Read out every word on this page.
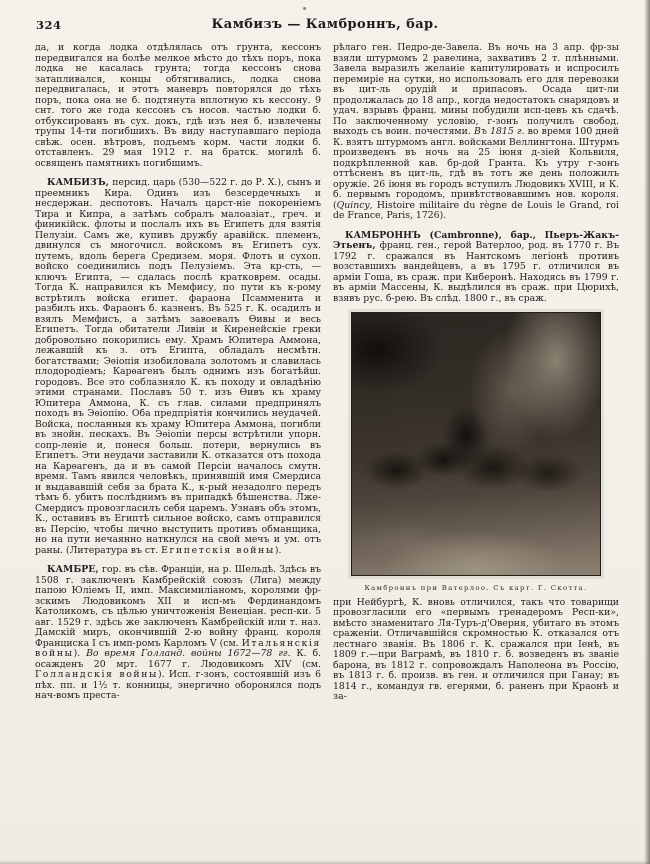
324	Камбизъ — Камброннъ, бар.

да, и когда лодка отдѣлялась отъ грунта, кессонъ передвигался на болѣе мелкое мѣсто до тѣхъ поръ, пока лодка не касалась грунта; тогда кессонъ снова затапливался, концы обтягивались, лодка снова передвигалась, и этотъ маневръ повторялся до тѣхъ поръ, пока она не б. подтянута вплотную къ кессону. 9 снт. того же года кессонъ съ носов. частью лодки б. отбуксированъ въ сух. докъ, гдѣ изъ нея б. извлечены трупы 14-ти погибшихъ. Въ виду наступавшаго періода свѣж. осен. вѣтровъ, подъемъ корм. части лодки б. отставленъ. 29 мая 1912 г. на братск. могилѣ б. освященъ памятникъ погибшимъ.

КАМБИЗЪ, персид. царь (530—522 г. до Р. Х.), сынъ и преемникъ Кира. Одинъ изъ безсердечныхъ и несдержан. деспотовъ. Началъ царст-ніе покореніемъ Тира и Кипра, а затѣмъ собралъ малоазіат., греч. и финикійск. флоты и послалъ ихъ въ Египетъ для взятія Пелузіи. Самъ же, купивъ дружбу аравійск. племенъ, двинулся съ многочисл. войскомъ въ Египетъ сух. путемъ, вдоль берега Средизем. моря. Флотъ и сухоп. войско соединились подъ Пелузіемъ. Эта кр-сть, — ключъ Египта, — сдалась послѣ кратковрем. осады. Тогда К. направился къ Мемфису, по пути къ к-рому встрѣтилъ войска египет. фараона Псамменита и разбилъ ихъ. Фараонъ б. казненъ. Въ 525 г. К. осадилъ и взялъ Мемфисъ, а затѣмъ завоевалъ Ѳивы и весь Египетъ. Тогда обитатели Ливіи и Киренейскіе греки добровольно покорились ему. Храмъ Юпитера Аммона, лежавшій къ з. отъ Египта, обладалъ несмѣтн. богатствами; Эѳіопія изобиловала золотомъ и славилась плодородіемъ; Карѳагенъ былъ однимъ изъ богатѣйш. городовъ. Все это соблазняло К. къ походу и овладѣнію этими странами. Пославъ 50 т. изъ Ѳивъ къ храму Юпитера Аммона, К. съ глав. силами предпринялъ походъ въ Эѳіопію. Оба предпріятія кончились неудачей. Войска, посланныя къ храму Юпитера Аммона, погибли въ знойн. пескахъ. Въ Эѳіопіи персы встрѣтили упорн. сопр-леніе и, понеся больш. потери, вернулись въ Египетъ. Эти неудачи заставили К. отказатся отъ похода на Карѳагенъ, да и въ самой Персіи началось смутн. время. Тамъ явился человѣкъ, принявшій имя Смердиса и выдававшій себя за брата К., к-рый незадолго передъ тѣмъ б. убитъ послѣднимъ въ припадкѣ бѣшенства. Лже-Смердисъ провозгласилъ себя царемъ. Узнавъ объ этомъ, К., оставивъ въ Египтѣ сильное войско, самъ отправился въ Персію, чтобы лично выступить противъ обманщика, но на пути нечаянно наткнулся на свой мечъ и ум. отъ раны. (Литература въ ст. Египетскія войны).

КАМБРЕ, гор. въ сѣв. Франціи, на р. Шельдѣ. Здѣсь въ 1508 г. заключенъ Камбрейскій союзъ (Лига) между папою Юліемъ II, имп. Максимиліаномъ, королями фр-зскимъ Людовикомъ XII и исп-мъ Фердинандомъ Католикомъ, съ цѣлью уничтоженія Венеціан. респ-ки. 5 авг. 1529 г. здѣсь же заключенъ Камбрейскій или т. наз. Дамскій миръ, окончившій 2-ю войну франц. короля Франциска I съ имп-ромъ Карломъ V (см. Итальянскія войны). Во время Голланд. войны 1672—78 гг. К. б. осажденъ 20 мрт. 1677 г. Людовикомъ XIV (см. Голландскія войны). Исп. г-зонъ, состоявшій изъ 6 пѣх. пп. и 1½ т. конницы, энергично оборонялся подъ нач-вомъ преста-

рѣлаго ген. Педро-де-Завела. Въ ночь на 3 апр. фр-зы взяли штурмомъ 2 равелина, захвативъ 2 т. плѣнными. Завела выразилъ желаніе капитулировать и испросилъ перемиріе на сутки, но использовалъ его для перевозки въ цит-ль орудій и припасовъ. Осада цит-ли продолжалась до 18 апр., когда недостатокъ снарядовъ и удач. взрывъ франц. мины побудили исп-цевъ къ сдачѣ. По заключенному условію, г-зонъ получилъ свобод. выходъ съ воин. почестями. Въ 1815 г. во время 100 дней К. взятъ штурмомъ англ. войсками Веллингтона. Штурмъ произведенъ въ ночь на 25 іюня д-зіей Кольвиля, подкрѣпленной кав. бр-дой Гранта. Къ утру г-зонъ оттѣсненъ въ цит-ль, гдѣ въ тотъ же день положилъ оружіе. 26 іюня въ городъ вступилъ Людовикъ XVIII, и К. б. первымъ городомъ, привѣтствовавшимъ нов. короля. (Quincy, Histoire militaire du règne de Louis le Grand, roi de France, Paris, 1726).

КАМБРОННЪ (Cambronne), бар., Пьеръ-Жакъ-Этьенъ, франц. ген., герой Ватерлоо, род. въ 1770 г. Въ 1792 г. сражался въ Нантскомъ легіонѣ противъ возставшихъ вандейцевъ, а въ 1795 г. отличился въ арміи Гоша, въ сраж. при Киберонѣ. Находясь въ 1799 г. въ арміи Массены, К. выдѣлился въ сраж. при Цюрихѣ, взявъ рус. б-рею. Въ слѣд. 1800 г., въ сраж.

Камброннъ при Ватерлоо. Съ карт. Г. Скотта.

при Нейбургѣ, К. вновь отличился, такъ что товарищи провозгласили его «первымъ гренадеромъ Респ-ки», вмѣсто знаменитаго Ля-Туръ-д'Оверня, убитаго въ этомъ сраженіи. Отличавшійся скромностью К. отказался отъ лестнаго званія. Въ 1806 г. К. сражался при Іенѣ, въ 1809 г.—при Ваграмѣ, въ 1810 г. б. возведенъ въ званіе барона, въ 1812 г. сопровождалъ Наполеона въ Россію, въ 1813 г. б. произв. въ ген. и отличился при Ганау; въ 1814 г., командуя гв. егерями, б. раненъ при Краонѣ и за-
